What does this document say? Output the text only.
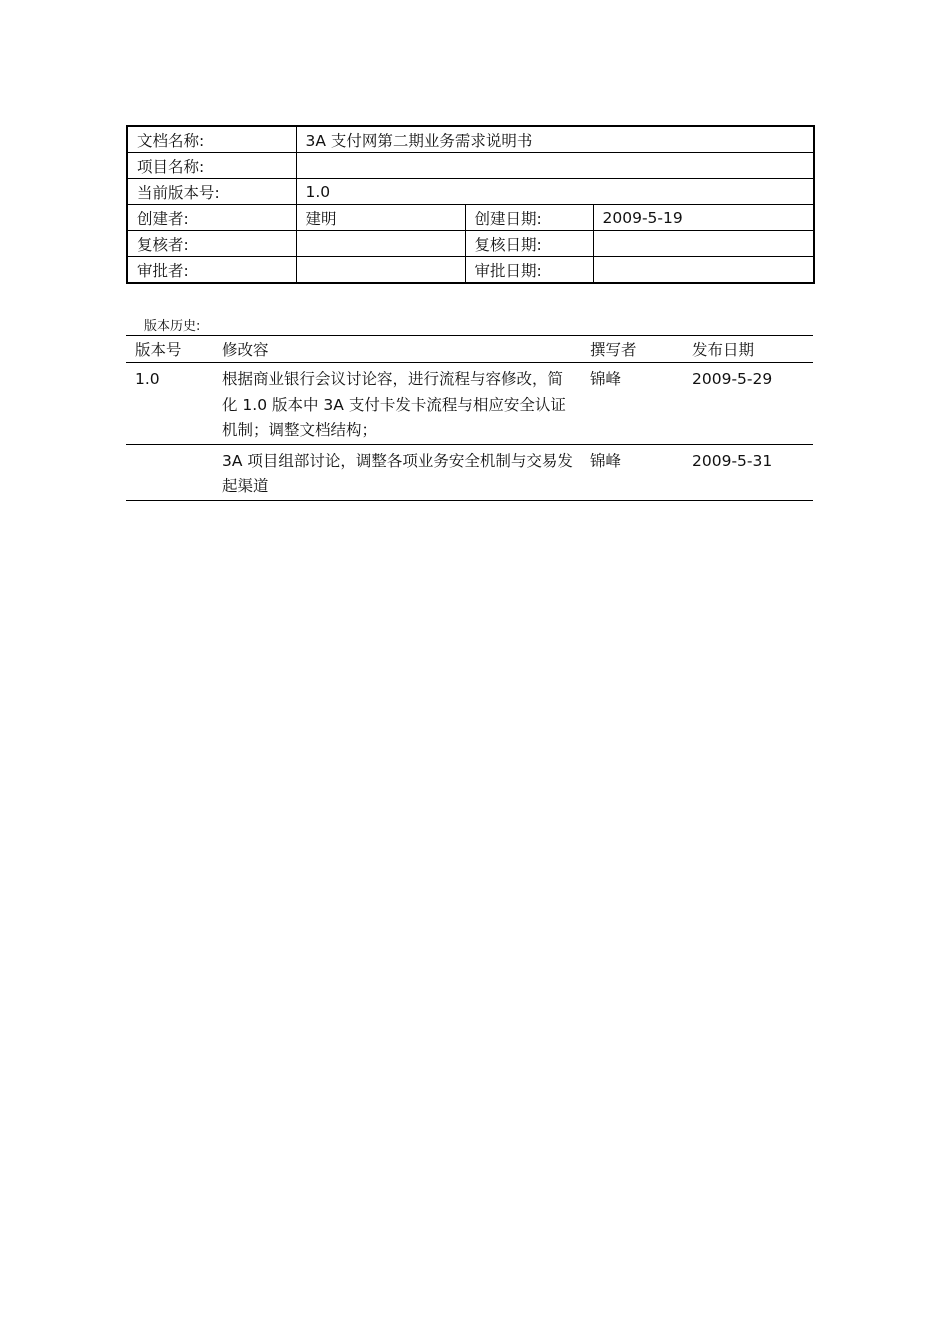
文档名称:	3A 支付网第二期业务需求说明书		
项目名称:			
当前版本号:	1.0		
创建者:	建明	创建日期:	2009-5-19
复核者:		复核日期:	
审批者:		审批日期:	
版本历史:
版本号	修改容	撰写者	发布日期
1.0	根据商业银行会议讨论容，进行流程与容修改，简化 1.0 版本中 3A 支付卡发卡流程与相应安全认证机制；调整文档结构；	锦峰	2009-5-29
	3A 项目组部讨论，调整各项业务安全机制与交易发起渠道	锦峰	2009-5-31
